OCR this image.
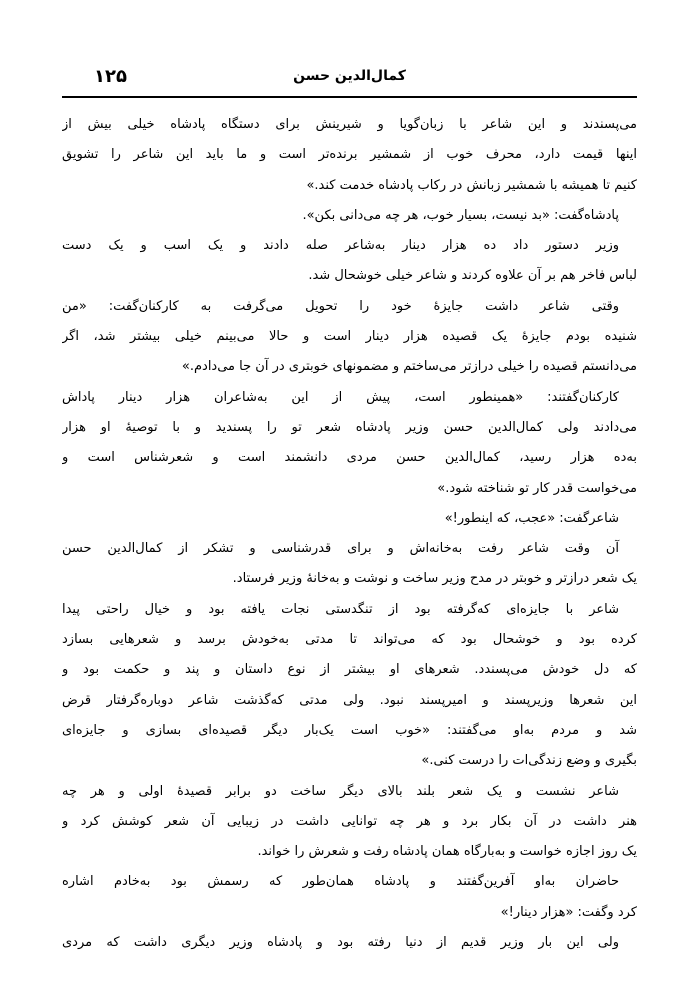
۱۲۵	کمال‌الدین حسن
می‌پسندند و این شاعر با زبان‌گویا و شیرینش برای دستگاه پادشاه خیلی بیش از
اینها قیمت دارد، محرف خوب از شمشیر برنده‌تر است و ما باید این شاعر را تشویق
کنیم تا همیشه با شمشیر زبانش در رکاب پادشاه خدمت کند.»
پادشاه‌گفت: «بد نیست، بسیار خوب، هر چه می‌دانی بکن».
وزیر دستور داد ده هزار دینار به‌شاعر صله دادند و یک اسب و یک دست
لباس فاخر هم بر آن علاوه کردند و شاعر خیلی خوشحال شد.
وقتی شاعر داشت جایزهٔ خود را تحویل می‌گرفت به کارکنان‌گفت: «من
شنیده بودم جایزهٔ یک قصیده هزار دینار است و حالا می‌بینم خیلی بیشتر شد، اگر
می‌دانستم قصیده را خیلی درازتر می‌ساختم و مضمونهای خوبتری در آن جا می‌دادم.»
کارکنان‌گفتند: «همینطور است، پیش از این به‌شاعران هزار دینار پاداش
می‌دادند ولی کمال‌الدین حسن وزیر پادشاه شعر تو را پسندید و با توصیهٔ او هزار
به‌ده هزار رسید، کمال‌الدین حسن مردی دانشمند است و شعرشناس است و
می‌خواست قدر کار تو شناخته شود.»
شاعرگفت: «عجب، که اینطور!»
آن وقت شاعر رفت به‌خانه‌اش و برای قدرشناسی و تشکر از کمال‌الدین حسن
یک شعر درازتر و خوبتر در مدح وزیر ساخت و نوشت و به‌خانهٔ وزیر فرستاد.
شاعر با جایزه‌ای که‌گرفته بود از تنگدستی نجات یافته بود و خیال راحتی پیدا
کرده بود و خوشحال بود که می‌تواند تا مدتی به‌خودش برسد و شعرهایی بسازد
که دل خودش می‌پسندد. شعرهای او بیشتر از نوع داستان و پند و حکمت بود و
این شعرها وزیرپسند و امیرپسند نبود. ولی مدتی که‌گذشت شاعر دوباره‌گرفتار قرض
شد و مردم به‌او می‌گفتند: «خوب است یک‌بار دیگر قصیده‌ای بسازی و جایزه‌ای
بگیری و وضع زندگی‌ات را درست کنی.»
شاعر نشست و یک شعر بلند بالای دیگر ساخت دو برابر قصیدهٔ اولی و هر چه
هنر داشت در آن بکار برد و هر چه توانایی داشت در زیبایی آن شعر کوشش کرد و
یک روز اجازه خواست و به‌بارگاه همان پادشاه رفت و شعرش را خواند.
حاضران به‌او آفرین‌گفتند و پادشاه همان‌طور که رسمش بود به‌خادم اشاره
کرد وگفت: «هزار دینار!»
ولی این بار وزیر قدیم از دنیا رفته بود و پادشاه وزیر دیگری داشت که مردی
